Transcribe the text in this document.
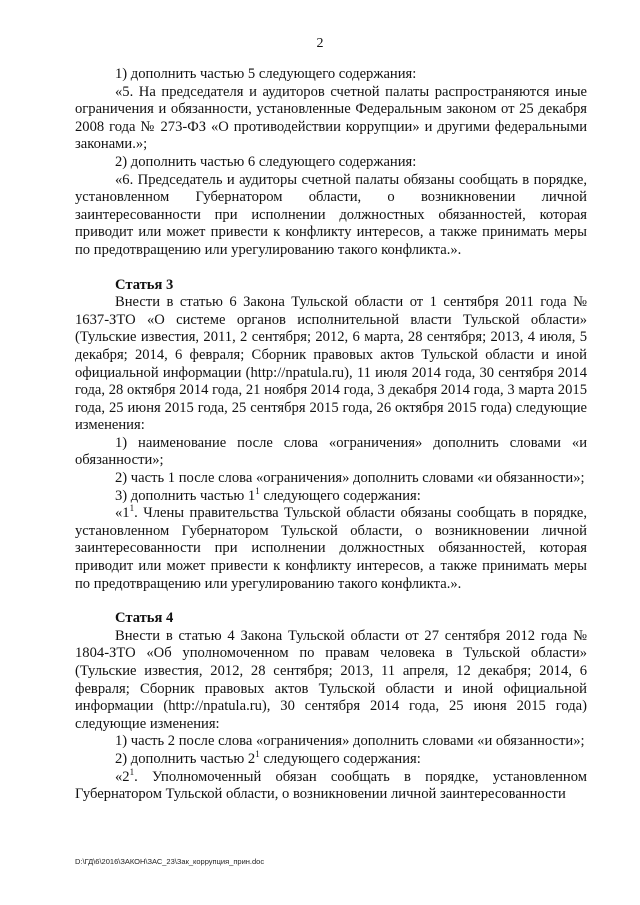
2

1) дополнить частью 5 следующего содержания:

«5. На председателя и аудиторов счетной палаты распространяются иные ограничения и обязанности, установленные Федеральным законом от 25 декабря 2008 года № 273-ФЗ «О противодействии коррупции» и другими федеральными законами.»;

2) дополнить частью 6 следующего содержания:

«6. Председатель и аудиторы счетной палаты обязаны сообщать в порядке, установленном Губернатором области, о возникновении личной заинтересованности при исполнении должностных обязанностей, которая приводит или может привести к конфликту интересов, а также принимать меры по предотвращению или урегулированию такого конфликта.».

Статья 3

Внести в статью 6 Закона Тульской области от 1 сентября 2011 года № 1637-ЗТО «О системе органов исполнительной власти Тульской области» (Тульские известия, 2011, 2 сентября; 2012, 6 марта, 28 сентября; 2013, 4 июля, 5 декабря; 2014, 6 февраля; Сборник правовых актов Тульской области и иной официальной информации (http://npatula.ru), 11 июля 2014 года, 30 сентября 2014 года, 28 октября 2014 года, 21 ноября 2014 года, 3 декабря 2014 года, 3 марта 2015 года, 25 июня 2015 года, 25 сентября 2015 года, 26 октября 2015 года) следующие изменения:

1) наименование после слова «ограничения» дополнить словами «и обязанности»;

2) часть 1 после слова «ограничения» дополнить словами «и обязанности»;

3) дополнить частью $1^1$ следующего содержания:

«$1^1$. Члены правительства Тульской области обязаны сообщать в порядке, установленном Губернатором Тульской области, о возникновении личной заинтересованности при исполнении должностных обязанностей, которая приводит или может привести к конфликту интересов, а также принимать меры по предотвращению или урегулированию такого конфликта.».

Статья 4

Внести в статью 4 Закона Тульской области от 27 сентября 2012 года № 1804-ЗТО «Об уполномоченном по правам человека в Тульской области» (Тульские известия, 2012, 28 сентября; 2013, 11 апреля, 12 декабря; 2014, 6 февраля; Сборник правовых актов Тульской области и иной официальной информации (http://npatula.ru), 30 сентября 2014 года, 25 июня 2015 года) следующие изменения:

1) часть 2 после слова «ограничения» дополнить словами «и обязанности»;

2) дополнить частью $2^1$ следующего содержания:

«$2^1$. Уполномоченный обязан сообщать в порядке, установленном Губернатором Тульской области, о возникновении личной заинтересованности

D:\ГД\6\2016\ЗАКОН\ЗАС_23\Зак_коррупция_прин.doc
